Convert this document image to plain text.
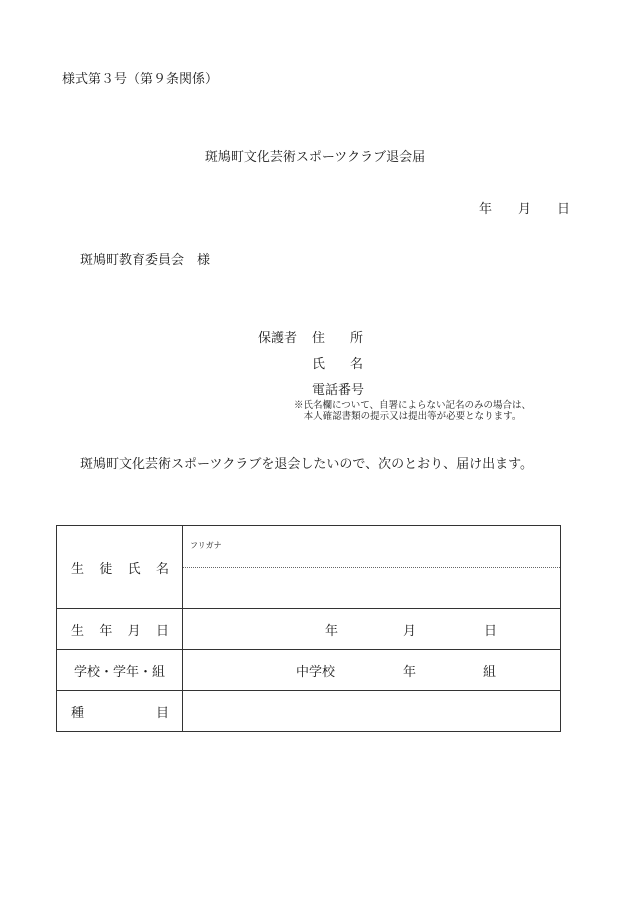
様式第３号（第９条関係）
斑鳩町文化芸術スポーツクラブ退会届
年 月 日
斑鳩町教育委員会　様
保護者 住 所
氏 名
電話番号
※氏名欄について、自署によらない記名のみの場合は、
本人確認書類の提示又は提出等が必要となります。
斑鳩町文化芸術スポーツクラブを退会したいので、次のとおり、届け出ます。
生 徒 氏 名	フリガナ

生 年 月 日	年 月 日

学校・学年・組	中学校 年 組

種 目	
